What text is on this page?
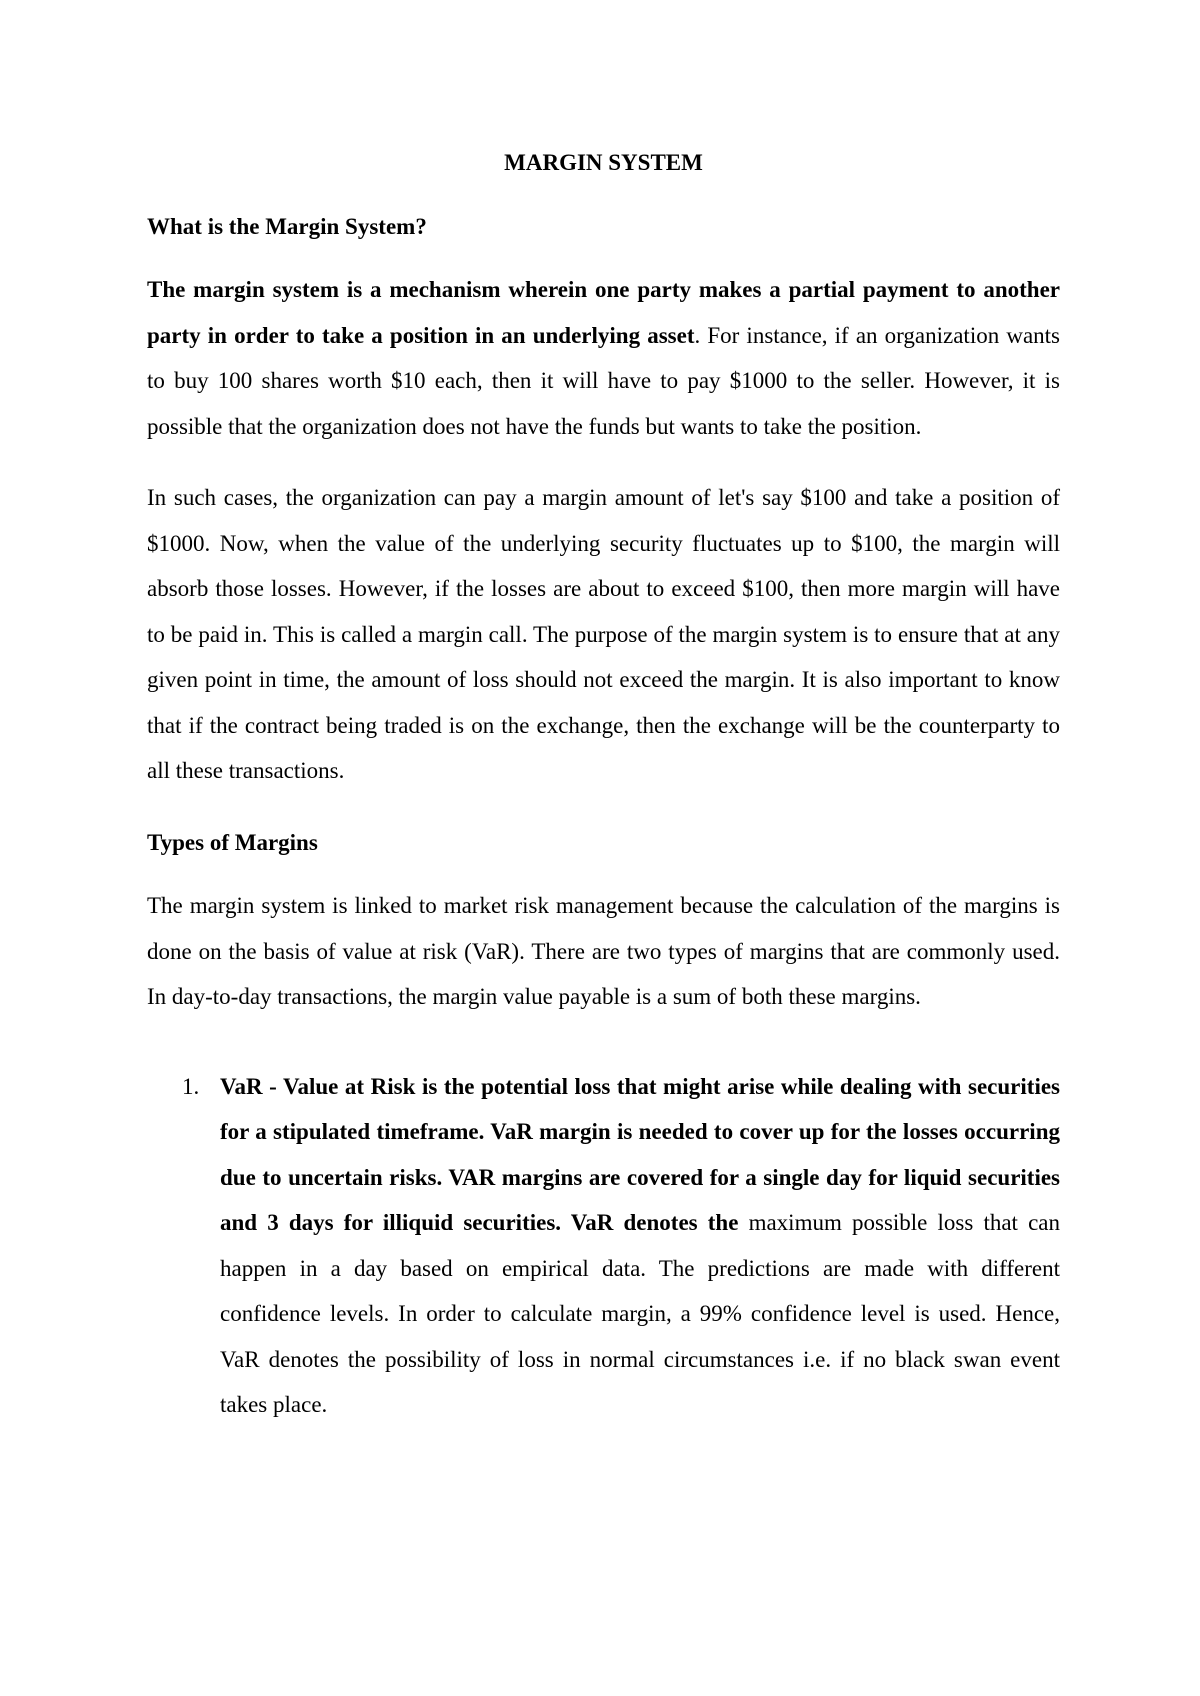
MARGIN SYSTEM
What is the Margin System?

The margin system is a mechanism wherein one party makes a partial payment to another party in order to take a position in an underlying asset. For instance, if an organization wants to buy 100 shares worth $10 each, then it will have to pay $1000 to the seller. However, it is possible that the organization does not have the funds but wants to take the position.

In such cases, the organization can pay a margin amount of let's say $100 and take a position of $1000. Now, when the value of the underlying security fluctuates up to $100, the margin will absorb those losses. However, if the losses are about to exceed $100, then more margin will have to be paid in. This is called a margin call. The purpose of the margin system is to ensure that at any given point in time, the amount of loss should not exceed the margin. It is also important to know that if the contract being traded is on the exchange, then the exchange will be the counterparty to all these transactions.

Types of Margins

The margin system is linked to market risk management because the calculation of the margins is done on the basis of value at risk (VaR). There are two types of margins that are commonly used. In day-to-day transactions, the margin value payable is a sum of both these margins.

1. VaR - Value at Risk is the potential loss that might arise while dealing with securities for a stipulated timeframe. VaR margin is needed to cover up for the losses occurring due to uncertain risks. VAR margins are covered for a single day for liquid securities and 3 days for illiquid securities. VaR denotes the maximum possible loss that can happen in a day based on empirical data. The predictions are made with different confidence levels. In order to calculate margin, a 99% confidence level is used. Hence, VaR denotes the possibility of loss in normal circumstances i.e. if no black swan event takes place.
